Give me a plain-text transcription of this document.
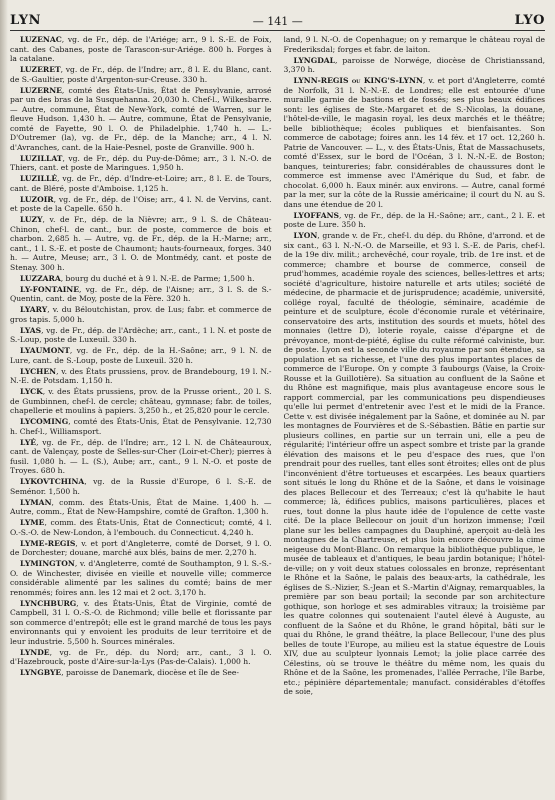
LYN	— 141 —	LYO

LUZENAC, vg. de Fr., dép. de l'Ariége; arr., 9 l. S.-E. de Foix, cant. des Cabanes, poste de Tarascon-sur-Ariége. 800 h. Forges à la catalane.

LUZERET, vg. de Fr., dép. de l'Indre; arr., 8 l. E. du Blanc, cant. de S.-Gaultier, poste d'Argenton-sur-Creuse. 330 h.

LUZERNE, comté des États-Unis, État de Pensylvanie, arrosé par un des bras de la Susquehanna. 20,030 h. Chef-l., Wilkesbarre. — Autre, commune, État de New-York, comté de Warren, sur le fleuve Hudson. 1,430 h. — Autre, commune, État de Pensylvanie, comté de Fayette, 90 l. O. de Philadelphie. 1,740 h. — L.-D'Outremer (la), vg. de Fr., dép. de la Manche; arr., 4 l. N. d'Avranches, cant. de la Haie-Pesnel, poste de Granville. 900 h.

LUZILLAT, vg. de Fr., dép. du Puy-de-Dôme; arr., 3 l. N.-O. de Thiers, cant. et poste de Maringues. 1,950 h.

LUZILLÉ, vg. de Fr., dép. d'Indre-et-Loire; arr., 8 l. E. de Tours, cant. de Bléré, poste d'Amboise. 1,125 h.

LUZOIR, vg. de Fr., dép. de l'Oise; arr., 4 l. N. de Vervins, cant. et poste de la Capelle. 650 h.

LUZY, v. de Fr., dép. de la Nièvre; arr., 9 l. S. de Château-Chinon, chef-l. de cant., bur. de poste, commerce de bois et charbon. 2,685 h. — Autre, vg. de Fr., dép. de la H.-Marne; arr., cant., 1 l. S.-E. et poste de Chaumont; hauts-fourneaux, forges. 340 h. — Autre, Meuse; arr., 3 l. O. de Montmédy, cant. et poste de Stenay. 300 h.

LUZZARA, bourg du duché et à 9 l. N.-E. de Parme; 1,500 h.

LY-FONTAINE, vg. de Fr., dép. de l'Aisne; arr., 3 l. S. de S.-Quentin, cant. de Moy, poste de la Fère. 320 h.

LYARY, v. du Béloutchistan, prov. de Lus; fabr. et commerce de gros tapis. 5,000 h.

LYAS, vg. de Fr., dép. de l'Ardèche; arr., cant., 1 l. N. et poste de S.-Loup, poste de Luxeuil. 330 h.

LYAUMONT, vg. de Fr., dép. de la H.-Saône; arr., 9 l. N. de Lure, cant. de S.-Loup, poste de Luxeuil. 320 h.

LYCHEN, v. des États prussiens, prov. de Brandebourg, 19 l. N.-N.-E. de Potsdam. 1,150 h.

LYCK, v. des États prussiens, prov. de la Prusse orient., 20 l. S. de Gumbinnen, chef-l. de cercle; château, gymnase; fabr. de toiles, chapellerie et moulins à papiers. 3,250 h., et 25,820 pour le cercle.

LYCOMING, comté des États-Unis, État de Pensylvanie. 12,730 h. Chef-l., Williamsport.

LYÉ, vg. de Fr., dép. de l'Indre; arr., 12 l. N. de Châteauroux, cant. de Valençay, poste de Selles-sur-Cher (Loir-et-Cher); pierres à fusil. 1,080 h. — L. (S.), Aube; arr., cant., 9 l. N.-O. et poste de Troyes. 680 h.

LYKOVTCHINA, vg. de la Russie d'Europe, 6 l. S.-E. de Seménor. 1,500 h.

LYMAN, comm. des États-Unis, État de Maine. 1,400 h. — Autre, comm., État de New-Hampshire, comté de Grafton. 1,300 h.

LYME, comm. des États-Unis, État de Connecticut; comté, 4 l. O.-S.-O. de New-London, à l'embouch. du Connecticut. 4,240 h.

LYME-REGIS, v. et port d'Angleterre, comté de Dorset, 9 l. O. de Dorchester; douane, marché aux blés, bains de mer. 2,270 h.

LYMINGTON, v. d'Angleterre, comté de Southampton, 9 l. S.-S.-O. de Winchester, divisée en vieille et nouvelle ville; commerce considérable alimenté par les salines du comté; bains de mer renommés; foires ann. les 12 mai et 2 oct. 3,170 h.

LYNCHBURG, v. des États-Unis, État de Virginie, comté de Campbell, 31 l. O.-S.-O. de Richmond; ville belle et florissante par son commerce d'entrepôt; elle est le grand marché de tous les pays environnants qui y envoient les produits de leur territoire et de leur industrie. 5,500 h. Sources minérales.

LYNDE, vg. de Fr., dép. du Nord; arr., cant., 3 l. O. d'Hazebrouck, poste d'Aire-sur-la-Lys (Pas-de-Calais). 1,000 h.

LYNGBYE, paroisse de Danemark, diocèse et île de See-

land, 9 l. N.-O. de Copenhague; on y remarque le château royal de Frederiksdal; forges et fabr. de laiton.

LYNGDAL, paroisse de Norwége, diocèse de Christianssand, 3,370 h.

LYNN-REGIS ou KING'S-LYNN, v. et port d'Angleterre, comté de Norfolk, 31 l. N.-N.-E. de Londres; elle est entourée d'une muraille garnie de bastions et de fossés; ses plus beaux édifices sont: les églises de Ste.-Margaret et de S.-Nicolas, la douane, l'hôtel-de-ville, le magasin royal, les deux marchés et le théâtre; belle bibliothèque; écoles publiques et bienfaisantes. Son commerce de cabotage; foires ann. les 14 fév. et 17 oct. 12,260 h. Patrie de Vancouver. — L., v. des États-Unis, État de Massachusets, comté d'Essex, sur le bord de l'Océan, 3 l. N.-N.-E. de Boston; banques, teintureries; fabr. considérables de chaussures dont le commerce est immense avec l'Amérique du Sud, et fabr. de chocolat. 6,000 h. Eaux minér. aux environs. — Autre, canal formé par la mer, sur la côte de la Russie américaine; il court du N. au S. dans une étendue de 20 l.

LYOFFANS, vg. de Fr., dép. de la H.-Saône; arr., cant., 2 l. E. et poste de Lure. 350 h.

LYON, grande v. de Fr., chef-l. du dép. du Rhône, d'arrond. et de six cant., 63 l. N.-N.-O. de Marseille, et 93 l. S.-E. de Paris, chef-l. de la 19e div. milit.; archevêché, cour royale, trib. de 1re inst. et de commerce; chambre et bourse de commerce, conseil de prud'hommes, académie royale des sciences, belles-lettres et arts; société d'agriculture, histoire naturelle et arts utiles; société de médecine, de pharmacie et de jurisprudence; académie, université, collége royal, faculté de théologie, séminaire, académie de peinture et de sculpture, école d'économie rurale et vétérinaire, conservatoire des arts, institution des sourds et muets, hôtel des monnaies (lettre D), loterie royale, caisse d'épargne et de prévoyance, mont-de-piété, église du culte réformé calviniste, bur. de poste. Lyon est la seconde ville du royaume par son étendue, sa population et sa richesse, et l'une des plus importantes places de commerce de l'Europe. On y compte 3 faubourgs (Vaise, la Croix-Rousse et la Guillotière). Sa situation au confluent de la Saône et du Rhône est magnifique, mais plus avantageuse encore sous le rapport commercial, par les communications peu dispendieuses qu'elle lui permet d'entretenir avec l'est et le midi de la France. Cette v. est divisée inégalement par la Saône, et dominée au N. par les montagnes de Fourvières et de S.-Sébastien. Bâtie en partie sur plusieurs collines, en partie sur un terrain uni, elle a peu de régularité; l'intérieur offre un aspect sombre et triste par la grande élévation des maisons et le peu d'espace des rues, que l'on prendrait pour des ruelles, tant elles sont étroites; elles ont de plus l'inconvénient d'être tortueuses et escarpées. Les beaux quartiers sont situés le long du Rhône et de la Saône, et dans le voisinage des places Bellecour et des Terreaux; c'est là qu'habite le haut commerce; là, édifices publics, maisons particulières, places et rues, tout donne la plus haute idée de l'opulence de cette vaste cité. De la place Bellecour on jouit d'un horizon immense; l'œil plane sur les belles campagnes du Dauphiné, aperçoit au-delà les montagnes de la Chartreuse, et plus loin encore découvre la cime neigeuse du Mont-Blanc. On remarque la bibliothèque publique, le musée de tableaux et d'antiques, le beau jardin botanique; l'hôtel-de-ville; on y voit deux statues colossales en bronze, représentant le Rhône et la Saône, le palais des beaux-arts, la cathédrale, les églises de S.-Nizier, S.-Jean et S.-Martin d'Aignay, remarquables, la première par son beau portail; la seconde par son architecture gothique, son horloge et ses admirables vitraux; la troisième par les quatre colonnes qui soutenaient l'autel élevé à Auguste, au confluent de la Saône et du Rhône, le grand hôpital, bâti sur le quai du Rhône, le grand théâtre, la place Bellecour, l'une des plus belles de toute l'Europe, au milieu est la statue équestre de Louis XIV, due au sculpteur lyonnais Lemot; la jolie place carrée des Célestins, où se trouve le théâtre du même nom, les quais du Rhône et de la Saône, les promenades, l'allée Perrache, l'île Barbe, etc.; pépinière départementale; manufact. considérables d'étoffes de soie,
